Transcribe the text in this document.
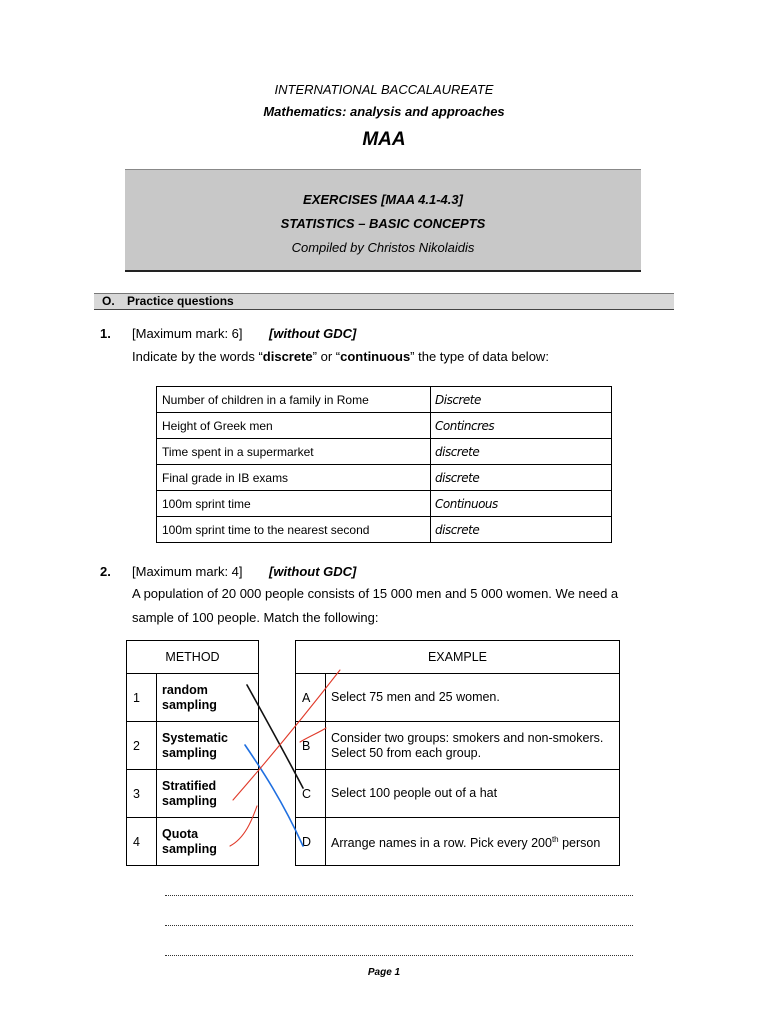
INTERNATIONAL BACCALAUREATE
Mathematics: analysis and approaches
MAA
EXERCISES [MAA 4.1-4.3]
STATISTICS – BASIC CONCEPTS
Compiled by Christos Nikolaidis
O. Practice questions
1. [Maximum mark: 6] [without GDC]
Indicate by the words “discrete” or “continuous” the type of data below:
Number of children in a family in Rome	Discrete
Height of Greek men	Contincres
Time spent in a supermarket	discrete
Final grade in IB exams	discrete
100m sprint time	Continuous
100m sprint time to the nearest second	discrete
2. [Maximum mark: 4] [without GDC]
A population of 20 000 people consists of 15 000 men and 5 000 women. We need a
sample of 100 people. Match the following:
METHOD	
1	random
sampling
2	Systematic
sampling
3	Stratified
sampling
4	Quota
sampling
EXAMPLE	
A	Select 75 men and 25 women.
B	Consider two groups: smokers and non-smokers.
Select 50 from each group.
C	Select 100 people out of a hat
D	Arrange names in a row. Pick every 200th person
Page 1
